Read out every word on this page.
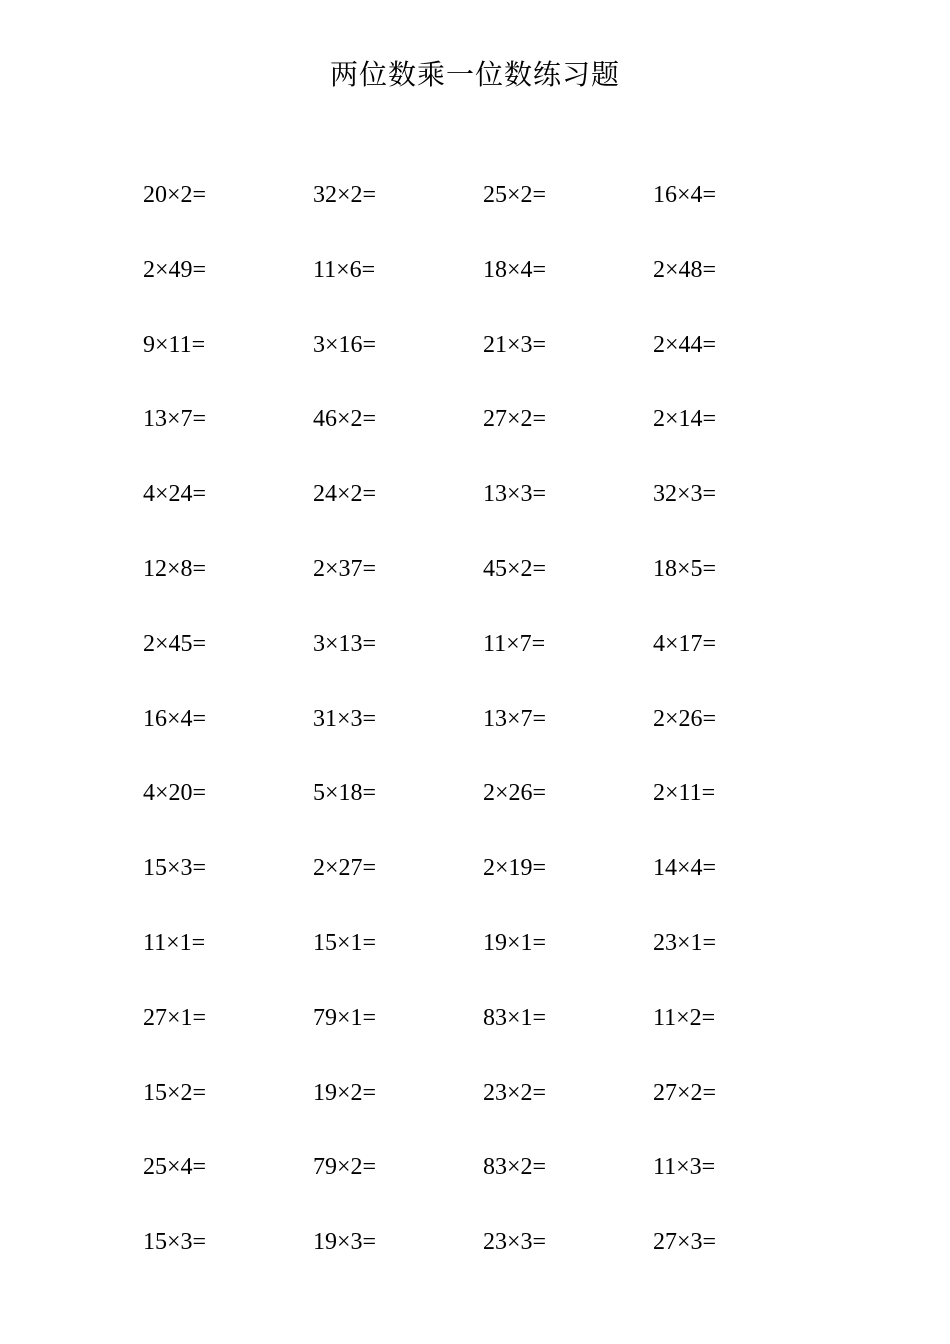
两位数乘一位数练习题
20×2=	32×2=	25×2=	16×4=
2×49=	11×6=	18×4=	2×48=
9×11=	3×16=	21×3=	2×44=
13×7=	46×2=	27×2=	2×14=
4×24=	24×2=	13×3=	32×3=
12×8=	2×37=	45×2=	18×5=
2×45=	3×13=	11×7=	4×17=
16×4=	31×3=	13×7=	2×26=
4×20=	5×18=	2×26=	2×11=
15×3=	2×27=	2×19=	14×4=
11×1=	15×1=	19×1=	23×1=
27×1=	79×1=	83×1=	11×2=
15×2=	19×2=	23×2=	27×2=
25×4=	79×2=	83×2=	11×3=
15×3=	19×3=	23×3=	27×3=
